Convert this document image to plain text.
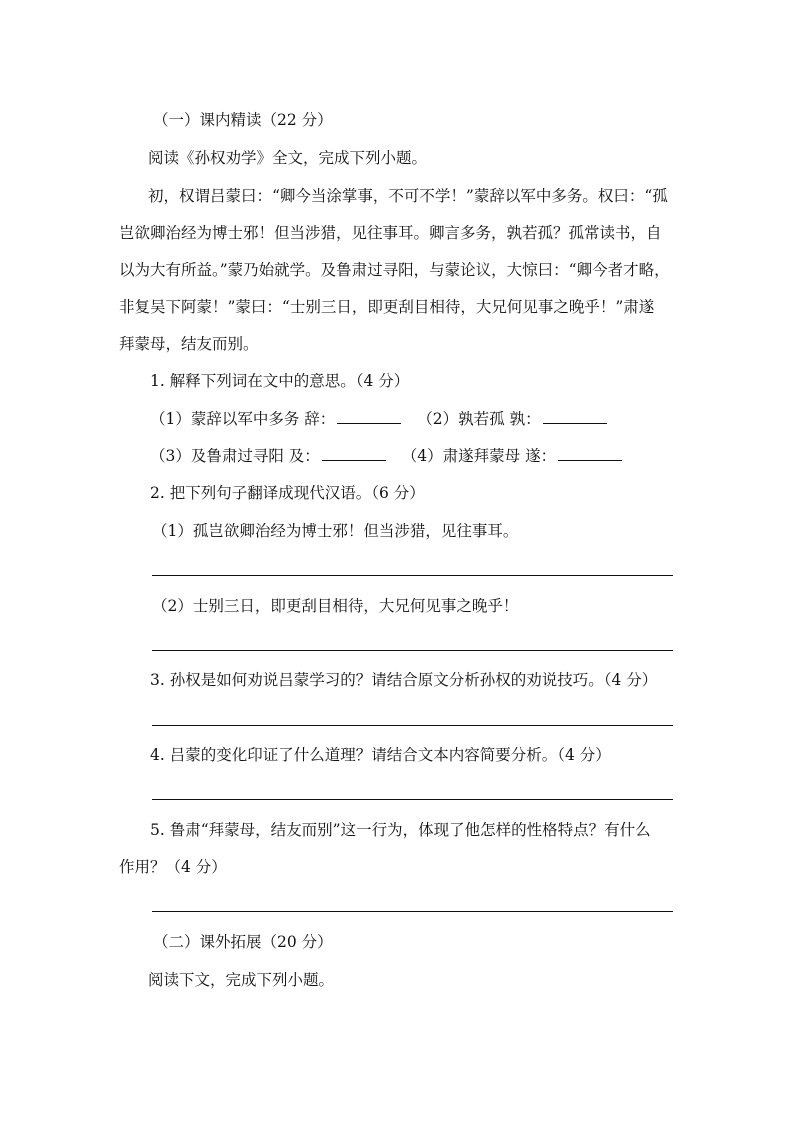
（一）课内精读（22 分）
阅读《孙权劝学》全文，完成下列小题。
初，权谓吕蒙曰：“卿今当涂掌事，不可不学！”蒙辞以军中多务。权曰：“孤
岂欲卿治经为博士邪！但当涉猎，见往事耳。卿言多务，孰若孤？孤常读书，自
以为大有所益。”蒙乃始就学。及鲁肃过寻阳，与蒙论议，大惊曰：“卿今者才略，
非复吴下阿蒙！”蒙曰：“士别三日，即更刮目相待，大兄何见事之晚乎！”肃遂
拜蒙母，结友而别。
1. 解释下列词在文中的意思。（4 分）
（1）蒙辞以军中多务 辞：	（2）孰若孤 孰：
（3）及鲁肃过寻阳 及：	（4）肃遂拜蒙母 遂：
2. 把下列句子翻译成现代汉语。（6 分）
（1）孤岂欲卿治经为博士邪！但当涉猎，见往事耳。
（2）士别三日，即更刮目相待，大兄何见事之晚乎！
3. 孙权是如何劝说吕蒙学习的？请结合原文分析孙权的劝说技巧。（4 分）
4. 吕蒙的变化印证了什么道理？请结合文本内容简要分析。（4 分）
5. 鲁肃“拜蒙母，结友而别”这一行为，体现了他怎样的性格特点？有什么
作用？（4 分）
（二）课外拓展（20 分）
阅读下文，完成下列小题。
